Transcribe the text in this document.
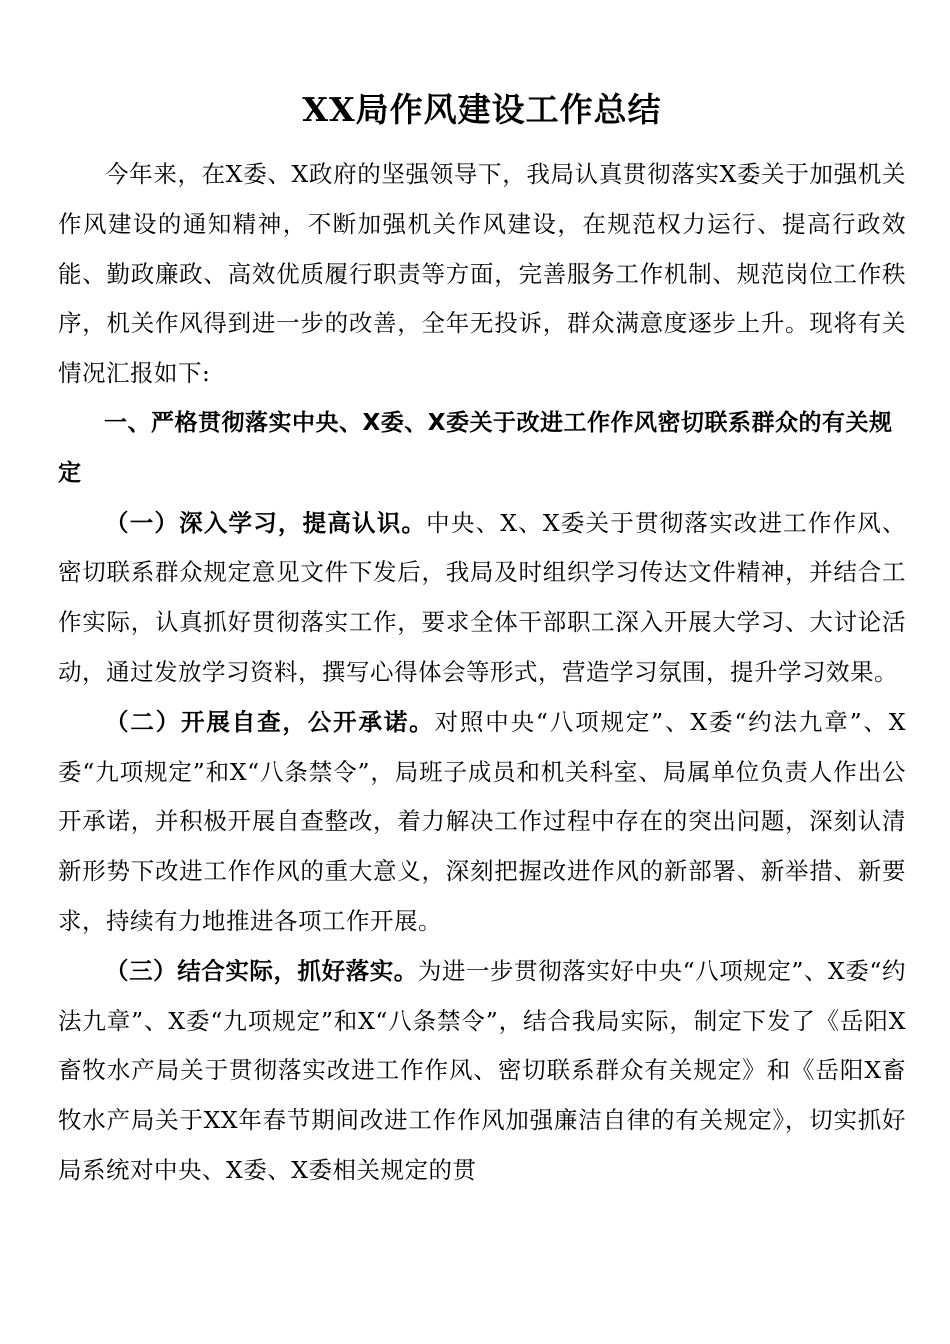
XX局作风建设工作总结

今年来，在X委、X政府的坚强领导下，我局认真贯彻落实X委关于加强机关作风建设的通知精神，不断加强机关作风建设，在规范权力运行、提高行政效能、勤政廉政、高效优质履行职责等方面，完善服务工作机制、规范岗位工作秩序，机关作风得到进一步的改善，全年无投诉，群众满意度逐步上升。现将有关情况汇报如下:

一、严格贯彻落实中央、X委、X委关于改进工作作风密切联系群众的有关规定

（一）深入学习，提高认识。中央、X、X委关于贯彻落实改进工作作风、密切联系群众规定意见文件下发后，我局及时组织学习传达文件精神，并结合工作实际，认真抓好贯彻落实工作，要求全体干部职工深入开展大学习、大讨论活动，通过发放学习资料，撰写心得体会等形式，营造学习氛围，提升学习效果。

（二）开展自查，公开承诺。对照中央“八项规定”、X委“约法九章”、X委“九项规定”和X“八条禁令”，局班子成员和机关科室、局属单位负责人作出公开承诺，并积极开展自查整改，着力解决工作过程中存在的突出问题，深刻认清新形势下改进工作作风的重大意义，深刻把握改进作风的新部署、新举措、新要求，持续有力地推进各项工作开展。

（三）结合实际，抓好落实。为进一步贯彻落实好中央“八项规定”、X委“约法九章”、X委“九项规定”和X“八条禁令”，结合我局实际，制定下发了《岳阳X畜牧水产局关于贯彻落实改进工作作风、密切联系群众有关规定》和《岳阳X畜牧水产局关于XX年春节期间改进工作作风加强廉洁自律的有关规定》，切实抓好局系统对中央、X委、X委相关规定的贯
